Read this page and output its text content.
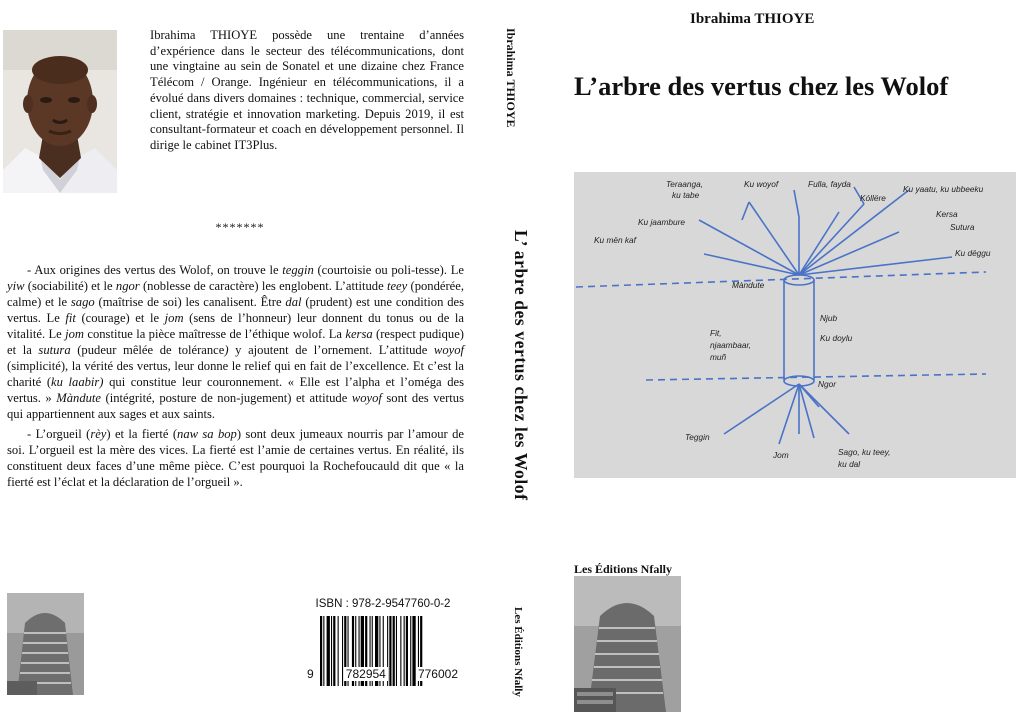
Ibrahima THIOYE possède une trentaine d’années d’expérience dans le secteur des télécommunications, dont une vingtaine au sein de Sonatel et une dizaine chez France Télécom / Orange. Ingénieur en télécommunications, il a évolué dans divers domaines : technique, commercial, service client, stratégie et innovation marketing. Depuis 2019, il est consultant-formateur et coach en développement personnel. Il dirige le cabinet IT3Plus.

*******

- Aux origines des vertus des Wolof, on trouve le teggin (courtoisie ou poli-tesse). Le yiw (sociabilité) et le ngor (noblesse de caractère) les englobent. L’attitude teey (pondérée, calme) et le sago (maîtrise de soi) les canalisent. Être dal (prudent) est une condition des vertus. Le fit (courage) et le jom (sens de l’honneur) leur donnent du tonus ou de la vitalité. Le jom constitue la pièce maîtresse de l’éthique wolof. La kersa (respect pudique) et la sutura (pudeur mêlée de tolérance) y ajoutent de l’ornement. L’attitude woyof (simplicité), la vérité des vertus, leur donne le relief qui en fait de l’excellence. Et c’est la charité (ku laabir) qui constitue leur couronnement. « Elle est l’alpha et l’oméga des vertus. » Màndute (intégrité, posture de non-jugement) et attitude woyof sont des vertus qui appartiennent aux sages et aux saints.

- L’orgueil (rèy) et la fierté (naw sa bop) sont deux jumeaux nourris par l’amour de soi. L’orgueil est la mère des vices. La fierté est l’amie de certaines vertus. En réalité, ils constituent deux faces d’une même pièce. C’est pourquoi la Rochefoucauld dit que « la fierté est l’éclat et la déclaration de l’orgueil ».

ISBN : 978-2-9547760-0-2
9	782954	776002
Ibrahima THIOYE
L’ arbre des vertus chez les Wolof
Les Éditions Nfally
Ibrahima THIOYE
L’arbre des vertus chez les Wolof
Teraanga,
ku tabe
Ku woyof	Fulla, fayda	Ku yaatu, ku ubbeeku
Kóllëre
Ku jaambure
Kersa
Sutura
Ku mën kaf
Ku dëggu
Màndute
Njub
Ku doylu
Fit,
njaambaar,
muñ
Ngor
Teggin
Jom	Sago, ku teey,
ku dal
Les Éditions Nfally
